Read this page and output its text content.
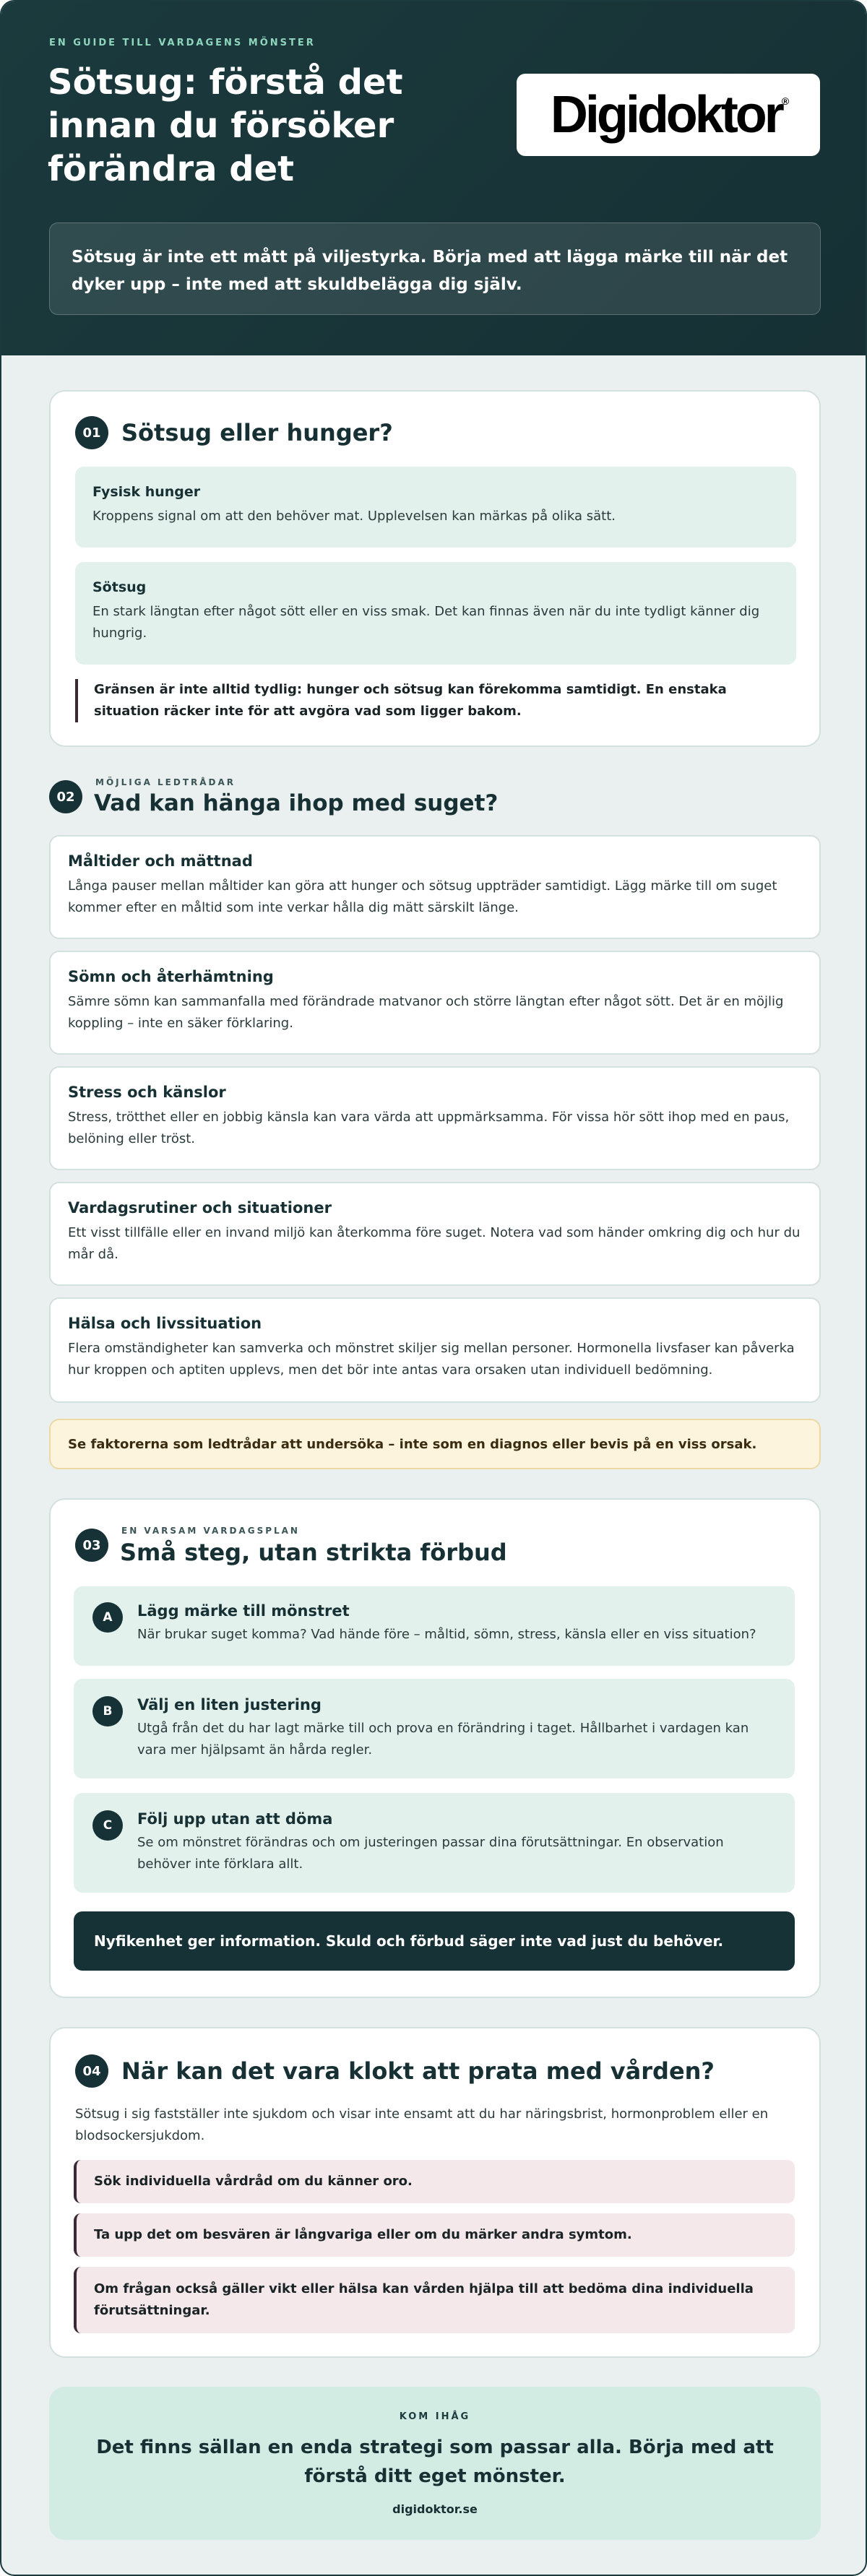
EN GUIDE TILL VARDAGENS MÖNSTER
Sötsug: förstå det innan du försöker förändra det
Digidoktor®
Sötsug är inte ett mått på viljestyrka. Börja med att lägga märke till när det dyker upp – inte med att skuldbelägga dig själv.
01 Sötsug eller hunger?
Fysisk hunger
Kroppens signal om att den behöver mat. Upplevelsen kan märkas på olika sätt.
Sötsug
En stark längtan efter något sött eller en viss smak. Det kan finnas även när du inte tydligt känner dig hungrig.
Gränsen är inte alltid tydlig: hunger och sötsug kan förekomma samtidigt. En enstaka situation räcker inte för att avgöra vad som ligger bakom.
02
MÖJLIGA LEDTRÅDAR
Vad kan hänga ihop med suget?
Måltider och mättnad
Långa pauser mellan måltider kan göra att hunger och sötsug uppträder samtidigt. Lägg märke till om suget kommer efter en måltid som inte verkar hålla dig mätt särskilt länge.
Sömn och återhämtning
Sämre sömn kan sammanfalla med förändrade matvanor och större längtan efter något sött. Det är en möjlig koppling – inte en säker förklaring.
Stress och känslor
Stress, trötthet eller en jobbig känsla kan vara värda att uppmärksamma. För vissa hör sött ihop med en paus, belöning eller tröst.
Vardagsrutiner och situationer
Ett visst tillfälle eller en invand miljö kan återkomma före suget. Notera vad som händer omkring dig och hur du mår då.
Hälsa och livssituation
Flera omständigheter kan samverka och mönstret skiljer sig mellan personer. Hormonella livsfaser kan påverka hur kroppen och aptiten upplevs, men det bör inte antas vara orsaken utan individuell bedömning.
Se faktorerna som ledtrådar att undersöka – inte som en diagnos eller bevis på en viss orsak.
03
EN VARSAM VARDAGSPLAN
Små steg, utan strikta förbud
A	Lägg märke till mönstret
När brukar suget komma? Vad hände före – måltid, sömn, stress, känsla eller en viss situation?
B	Välj en liten justering
Utgå från det du har lagt märke till och prova en förändring i taget. Hållbarhet i vardagen kan vara mer hjälpsamt än hårda regler.
C	Följ upp utan att döma
Se om mönstret förändras och om justeringen passar dina förutsättningar. En observation behöver inte förklara allt.
Nyfikenhet ger information. Skuld och förbud säger inte vad just du behöver.
04 När kan det vara klokt att prata med vården?
Sötsug i sig fastställer inte sjukdom och visar inte ensamt att du har näringsbrist, hormonproblem eller en blodsockersjukdom.
Sök individuella vårdråd om du känner oro.
Ta upp det om besvären är långvariga eller om du märker andra symtom.
Om frågan också gäller vikt eller hälsa kan vården hjälpa till att bedöma dina individuella förutsättningar.
KOM IHÅG
Det finns sällan en enda strategi som passar alla. Börja med att förstå ditt eget mönster.
digidoktor.se
